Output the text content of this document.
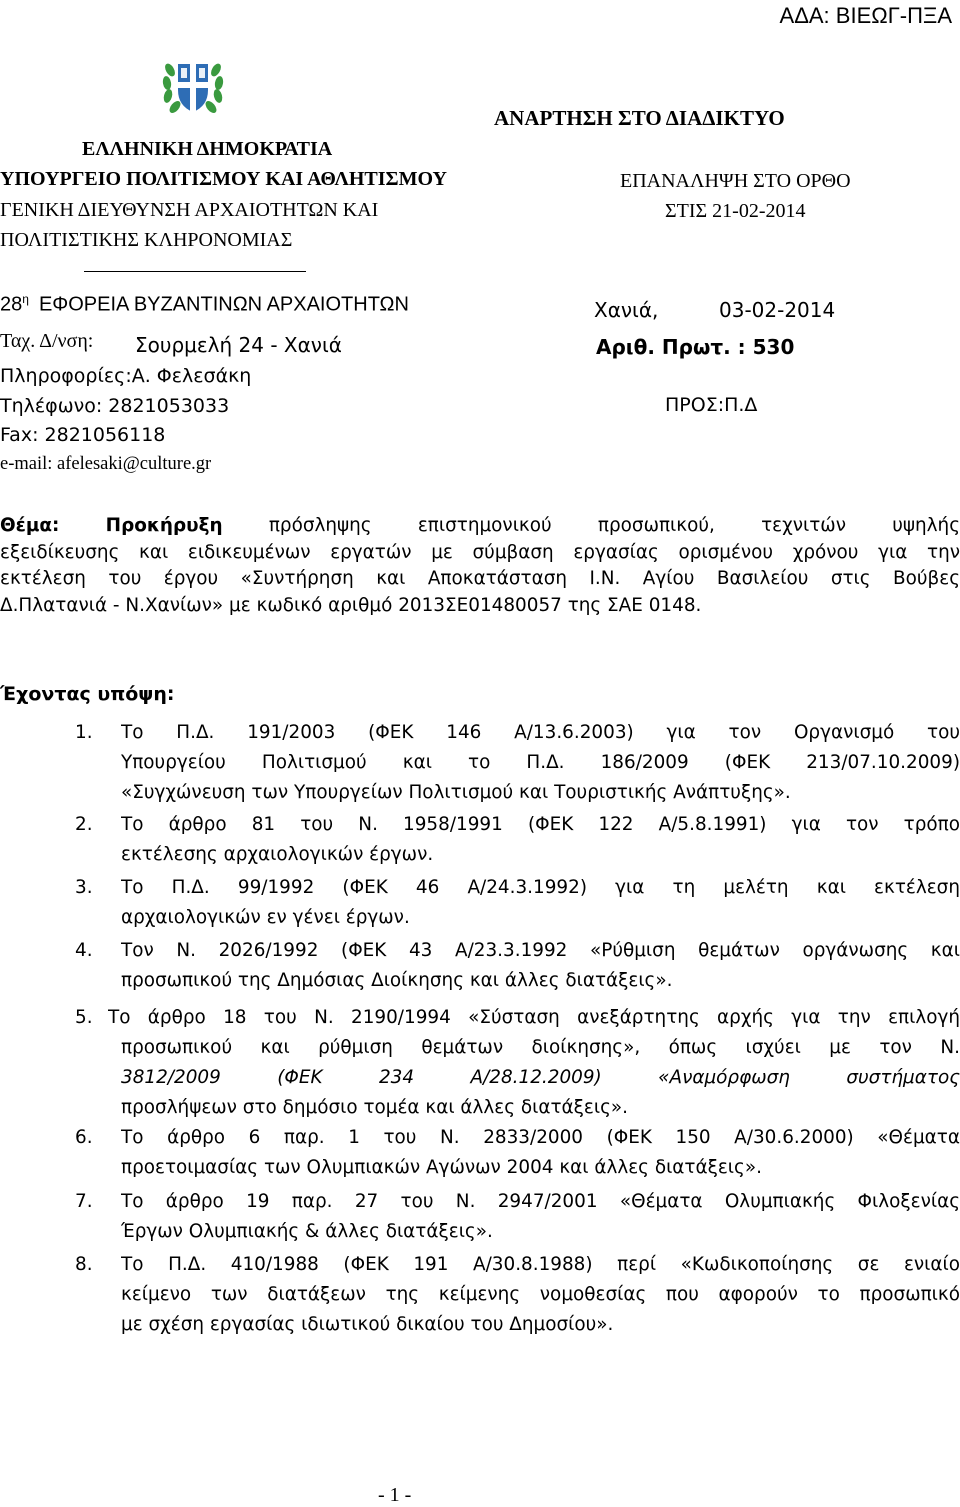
ΑΔΑ: ΒΙΕΩΓ-ΠΞΑ
ΕΛΛΗΝΙΚΗ ΔΗΜΟΚΡΑΤΙΑ
ΥΠΟΥΡΓΕΙΟ ΠΟΛΙΤΙΣΜΟΥ ΚΑΙ ΑΘΛΗΤΙΣΜΟΥ
ΓΕΝΙΚΗ ΔΙΕΥΘΥΝΣΗ ΑΡΧΑΙΟΤΗΤΩΝ ΚΑΙ
ΠΟΛΙΤΙΣΤΙΚΗΣ ΚΛΗΡΟΝΟΜΙΑΣ
$28^\eta$ ΕΦΟΡΕΙΑ ΒΥΖΑΝΤΙΝΩΝ ΑΡΧΑΙΟΤΗΤΩΝ
Ταχ. Δ/νση: Σουρμελή 24 - Χανιά
Πληροφορίες:Α. Φελεσάκη
Τηλέφωνο: 2821053033
Fax: 2821056118
e-mail: afelesaki@culture.gr
ΑΝΑΡΤΗΣΗ ΣΤΟ ΔΙΑΔΙΚΤΥΟ
ΕΠΑΝΑΛΗΨΗ ΣΤΟ ΟΡΘΟ
ΣΤΙΣ 21-02-2014
Χανιά,	03-02-2014
Αριθ. Πρωτ. : 530
ΠΡΟΣ:Π.Δ
Θέμα:	Προκήρυξη	πρόσληψης επιστημονικού προσωπικού, τεχνιτών υψηλής
εξειδίκευσης και ειδικευμένων εργατών με σύμβαση εργασίας ορισμένου χρόνου για την
εκτέλεση του έργου «Συντήρηση και Αποκατάσταση Ι.Ν. Αγίου Βασιλείου στις Βούβες
Δ.Πλατανιά - Ν.Χανίων» με κωδικό αριθμό 2013ΣΕ01480057 της ΣΑΕ 0148.
Έχοντας υπόψη:
1. Το Π.Δ. 191/2003 (ΦΕΚ 146 Α/13.6.2003) για τον Οργανισμό του
Υπουργείου Πολιτισμού και το Π.Δ. 186/2009 (ΦΕΚ 213/07.10.2009)
«Συγχώνευση των Υπουργείων Πολιτισμού και Τουριστικής Ανάπτυξης».
2. Το άρθρο 81 του Ν. 1958/1991 (ΦΕΚ 122 Α/5.8.1991) για τον τρόπο
εκτέλεσης αρχαιολογικών έργων.
3. Το Π.Δ. 99/1992 (ΦΕΚ 46 Α/24.3.1992) για τη μελέτη και εκτέλεση
αρχαιολογικών εν γένει έργων.
4. Τον Ν. 2026/1992 (ΦΕΚ 43 Α/23.3.1992 «Ρύθμιση θεμάτων οργάνωσης και
προσωπικού της Δημόσιας Διοίκησης και άλλες διατάξεις».
5. Το άρθρο 18 του Ν. 2190/1994 «Σύσταση ανεξάρτητης αρχής για την επιλογή
προσωπικού και ρύθμιση θεμάτων διοίκησης», όπως ισχύει με τον Ν.
3812/2009 (ΦΕΚ 234 Α/28.12.2009) «Αναμόρφωση συστήματος
προσλήψεων στο δημόσιο τομέα και άλλες διατάξεις».
6. Το άρθρο 6 παρ. 1 του Ν. 2833/2000 (ΦΕΚ 150 Α/30.6.2000) «Θέματα
προετοιμασίας των Ολυμπιακών Αγώνων 2004 και άλλες διατάξεις».
7. Το άρθρο 19 παρ. 27 του Ν. 2947/2001 «Θέματα Ολυμπιακής Φιλοξενίας
Έργων Ολυμπιακής & άλλες διατάξεις».
8. Το Π.Δ. 410/1988 (ΦΕΚ 191 Α/30.8.1988) περί «Κωδικοποίησης σε ενιαίο
κείμενο των διατάξεων της κείμενης νομοθεσίας που αφορούν το προσωπικό
με σχέση εργασίας ιδιωτικού δικαίου του Δημοσίου».
- 1 -
